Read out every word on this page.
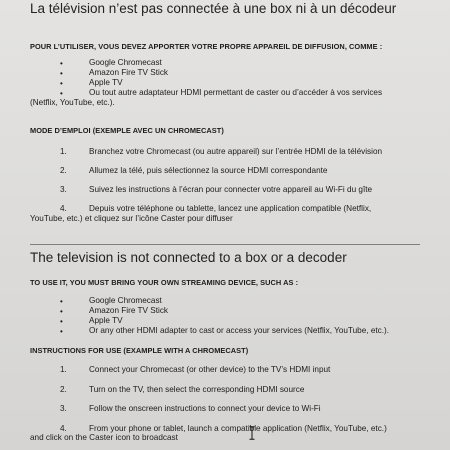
La télévision n’est pas connectée à une box ni à un décodeur
POUR L’UTILISER, VOUS DEVEZ APPORTER VOTRE PROPRE APPAREIL DE DIFFUSION, COMME :
•	Google Chromecast
•	Amazon Fire TV Stick
•	Apple TV
•	Ou tout autre adaptateur HDMI permettant de caster ou d’accéder à vos services
(Netflix, YouTube, etc.).
MODE D’EMPLOI (EXEMPLE AVEC UN CHROMECAST)
1.	Branchez votre Chromecast (ou autre appareil) sur l’entrée HDMI de la télévision
2.	Allumez la télé, puis sélectionnez la source HDMI correspondante
3.	Suivez les instructions à l’écran pour connecter votre appareil au Wi-Fi du gîte
4.	Depuis votre téléphone ou tablette, lancez une application compatible (Netflix,
YouTube, etc.) et cliquez sur l’icône Caster pour diffuser
The television is not connected to a box or a decoder
TO USE IT, YOU MUST BRING YOUR OWN STREAMING DEVICE, SUCH AS :
•	Google Chromecast
•	Amazon Fire TV Stick
•	Apple TV
•	Or any other HDMI adapter to cast or access your services (Netflix, YouTube, etc.).
INSTRUCTIONS FOR USE (EXAMPLE WITH A CHROMECAST)
1.	Connect your Chromecast (or other device) to the TV’s HDMI input
2.	Turn on the TV, then select the corresponding HDMI source
3.	Follow the onscreen instructions to connect your device to Wi-Fi
4.	From your phone or tablet, launch a compatible application (Netflix, YouTube, etc.)
and click on the Caster icon to broadcast
